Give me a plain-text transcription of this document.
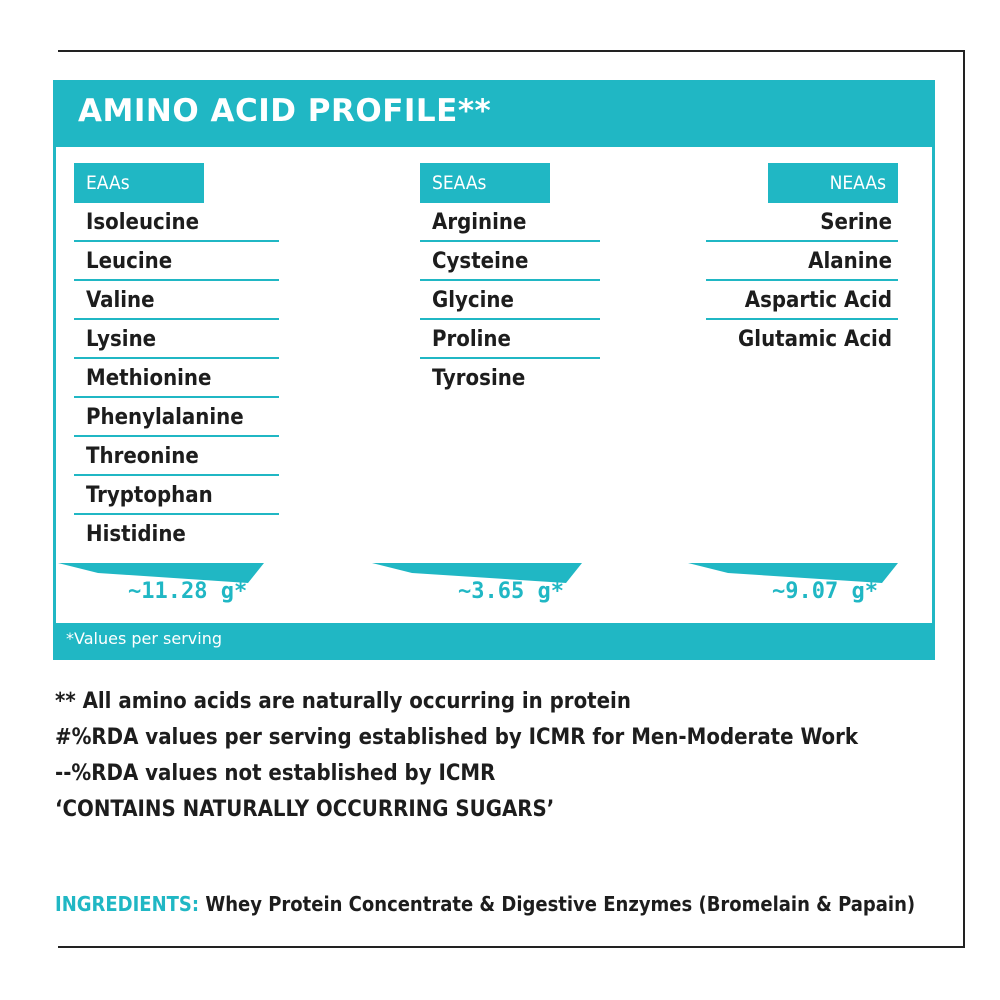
AMINO ACID PROFILE**
EAAs
Isoleucine
Leucine
Valine
Lysine
Methionine
Phenylalanine
Threonine
Tryptophan
Histidine
SEAAs
Arginine
Cysteine
Glycine
Proline
Tyrosine
NEAAs
Serine
Alanine
Aspartic Acid
Glutamic Acid
~11.28 g*	~3.65 g*	~9.07 g*
*Values per serving
** All amino acids are naturally occurring in protein
#%RDA values per serving established by ICMR for Men-Moderate Work
--%RDA values not established by ICMR
‘CONTAINS NATURALLY OCCURRING SUGARS’
INGREDIENTS: Whey Protein Concentrate & Digestive Enzymes (Bromelain & Papain)
